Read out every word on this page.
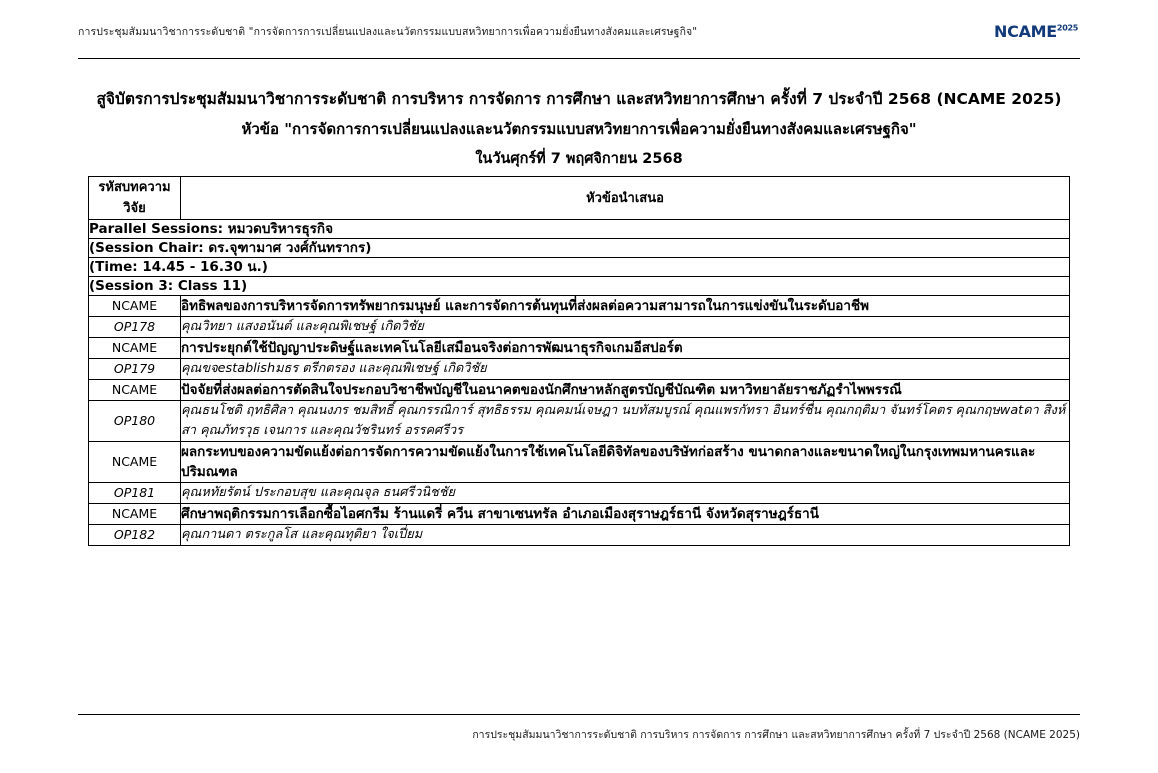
การประชุมสัมมนาวิชาการระดับชาติ "การจัดการการเปลี่ยนแปลงและนวัตกรรมแบบสหวิทยาการเพื่อความยั่งยืนทางสังคมและเศรษฐกิจ"	$NCAME^{2025}$
สูจิบัตรการประชุมสัมมนาวิชาการระดับชาติ การบริหาร การจัดการ การศึกษา และสหวิทยาการศึกษา ครั้งที่ 7 ประจำปี 2568 (NCAME 2025)
หัวข้อ "การจัดการการเปลี่ยนแปลงและนวัตกรรมแบบสหวิทยาการเพื่อความยั่งยืนทางสังคมและเศรษฐกิจ"
ในวันศุกร์ที่ 7 พฤศจิกายน 2568
รหัสบทความ
วิจัย	หัวข้อนำเสนอ
Parallel Sessions: หมวดบริหารธุรกิจ	
(Session Chair: ดร.จุฑามาศ วงศ์กันทรากร)	
(Time: 14.45 - 16.30 น.)	
(Session 3: Class 11)	
NCAME	อิทธิพลของการบริหารจัดการทรัพยากรมนุษย์ และการจัดการต้นทุนที่ส่งผลต่อความสามารถในการแข่งขันในระดับอาชีพ
OP178	คุณวิทยา แสงอนันต์ และคุณพิเชษฐ์ เกิดวิชัย
NCAME	การประยุกต์ใช้ปัญญาประดิษฐ์และเทคโนโลยีเสมือนจริงต่อการพัฒนาธุรกิจเกมอีสปอร์ต
OP179	คุณขจestablishมธร ตรีกตรอง และคุณพิเชษฐ์ เกิดวิชัย
NCAME	ปัจจัยที่ส่งผลต่อการตัดสินใจประกอบวิชาชีพบัญชีในอนาคตของนักศึกษาหลักสูตรบัญชีบัณฑิต มหาวิทยาลัยราชภัฏรำไพพรรณี
OP180	คุณธนโชติ ฤทธิศิลา คุณนงภร ชมสิทธิ์ คุณกรรณิการ์ สุทธิธรรม คุณคมน์เจษฎา นบทัสมบูรณ์ คุณแพรกัทรา อินทร์ชื่น คุณกฤติมา จันทร์โคตร คุณกฤษwatดา สิงห์สา คุณภัทรวุธ เจนการ และคุณวัชรินทร์ อรรคศรีวร
NCAME	ผลกระทบของความขัดแย้งต่อการจัดการความขัดแย้งในการใช้เทคโนโลยีดิจิทัลของบริษัทก่อสร้าง ขนาดกลางและขนาดใหญ่ในกรุงเทพมหานครและปริมณฑล
OP181	คุณหทัยรัตน์ ประกอบสุข และคุณจุล ธนศรีวนิชชัย
NCAME	ศึกษาพฤติกรรมการเลือกซื้อไอศกรีม ร้านแดรี่ ควีน สาขาเซนทรัล อำเภอเมืองสุราษฎร์ธานี จังหวัดสุราษฎร์ธานี
OP182	คุณกานดา ตระกูลโส และคุณทุติยา ใจเปี่ยม
การประชุมสัมมนาวิชาการระดับชาติ การบริหาร การจัดการ การศึกษา และสหวิทยาการศึกษา ครั้งที่ 7 ประจำปี 2568 (NCAME 2025)
